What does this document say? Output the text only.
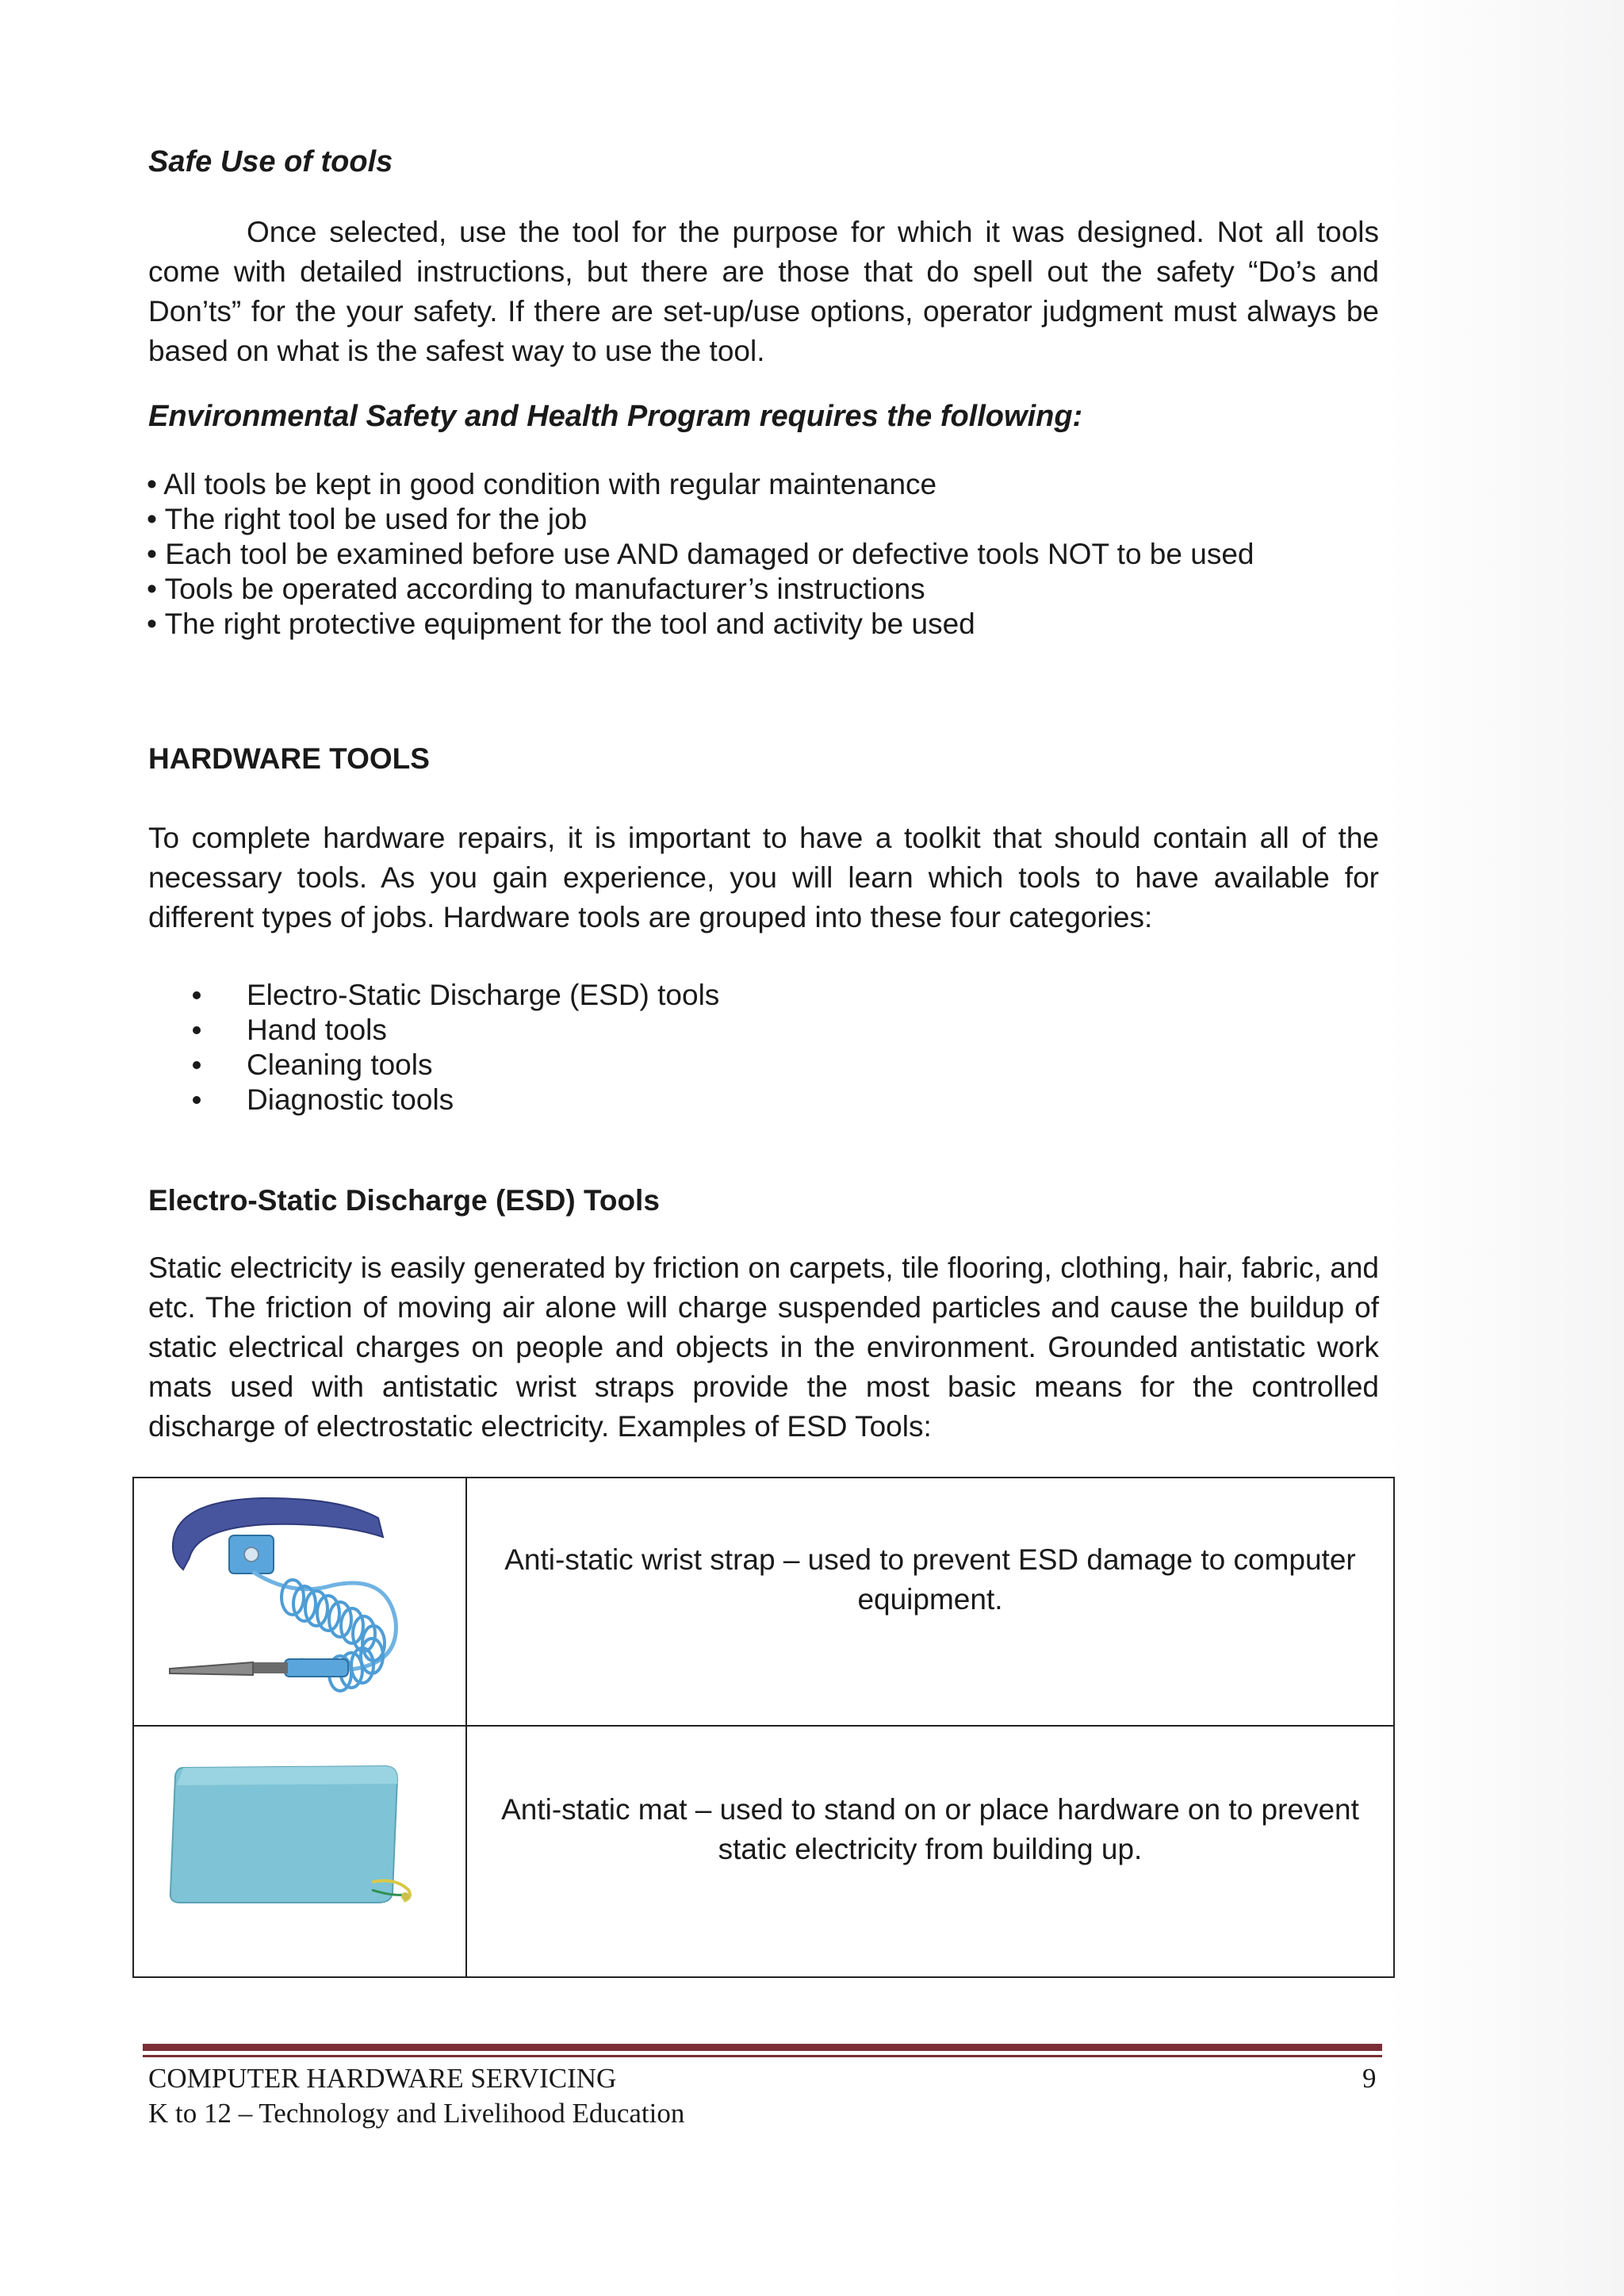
Safe Use of tools
Once selected, use the tool for the purpose for which it was designed. Not all tools come with detailed instructions, but there are those that do spell out the safety “Do’s and Don’ts” for the your safety. If there are set-up/use options, operator judgment must always be based on what is the safest way to use the tool.
Environmental Safety and Health Program requires the following:
• All tools be kept in good condition with regular maintenance
• The right tool be used for the job
• Each tool be examined before use AND damaged or defective tools NOT to be used
• Tools be operated according to manufacturer’s instructions
• The right protective equipment for the tool and activity be used
HARDWARE TOOLS
To complete hardware repairs, it is important to have a toolkit that should contain all of the necessary tools. As you gain experience, you will learn which tools to have available for different types of jobs. Hardware tools are grouped into these four categories:
Electro-Static Discharge (ESD) tools
Hand tools
Cleaning tools
Diagnostic tools
Electro-Static Discharge (ESD) Tools
Static electricity is easily generated by friction on carpets, tile flooring, clothing, hair, fabric, and etc. The friction of moving air alone will charge suspended particles and cause the buildup of static electrical charges on people and objects in the environment. Grounded antistatic work mats used with antistatic wrist straps provide the most basic means for the controlled discharge of electrostatic electricity. Examples of ESD Tools:

Anti-static wrist strap – used to prevent ESD damage to computer equipment.

Anti-static mat – used to stand on or place hardware on to prevent static electricity from building up.
COMPUTER HARDWARE SERVICING	9
K to 12 – Technology and Livelihood Education
